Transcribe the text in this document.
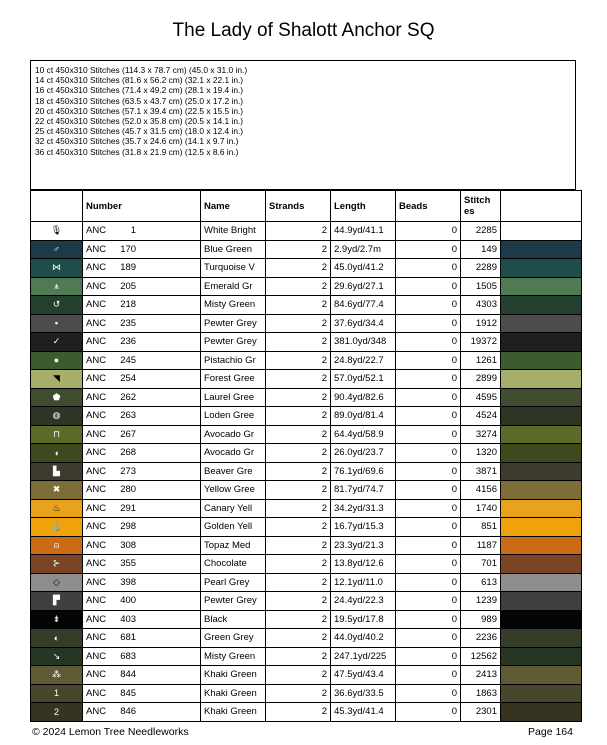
The Lady of Shalott Anchor SQ
10 ct 450x310 Stitches (114.3 x 78.7 cm) (45.0 x 31.0 in.)
14 ct 450x310 Stitches (81.6 x 56.2 cm) (32.1 x 22.1 in.)
16 ct 450x310 Stitches (71.4 x 49.2 cm) (28.1 x 19.4 in.)
18 ct 450x310 Stitches (63.5 x 43.7 cm) (25.0 x 17.2 in.)
20 ct 450x310 Stitches (57.1 x 39.4 cm) (22.5 x 15.5 in.)
22 ct 450x310 Stitches (52.0 x 35.8 cm) (20.5 x 14.1 in.)
25 ct 450x310 Stitches (45.7 x 31.5 cm) (18.0 x 12.4 in.)
32 ct 450x310 Stitches (35.7 x 24.6 cm) (14.1 x 9.7 in.)
36 ct 450x310 Stitches (31.8 x 21.9 cm) (12.5 x 8.6 in.)
	Number	Name	Strands	Length	Beads	Stitch es	
🎙	ANC 1	White Bright	2	44.9yd/41.1	0	2285	
♂	ANC 170	Blue Green	2	2.9yd/2.7m	0	149	
⋈	ANC 189	Turquoise V	2	45.0yd/41.2	0	2289	
⩚	ANC 205	Emerald Gr	2	29.6yd/27.1	0	1505	
↺	ANC 218	Misty Green	2	84.6yd/77.4	0	4303	
▪	ANC 235	Pewter Grey	2	37.6yd/34.4	0	1912	
✓	ANC 236	Pewter Grey	2	381.0yd/348	0	19372	
●	ANC 245	Pistachio Gr	2	24.8yd/22.7	0	1261	
◥	ANC 254	Forest Gree	2	57.0yd/52.1	0	2899	
⬟	ANC 262	Laurel Gree	2	90.4yd/82.6	0	4595	
◍	ANC 263	Loden Gree	2	89.0yd/81.4	0	4524	
⊓	ANC 267	Avocado Gr	2	64.4yd/58.9	0	3274	
◖	ANC 268	Avocado Gr	2	26.0yd/23.7	0	1320	
▙	ANC 273	Beaver Gre	2	76.1yd/69.6	0	3871	
✖	ANC 280	Yellow Gree	2	81.7yd/74.7	0	4156	
♨	ANC 291	Canary Yell	2	34.2yd/31.3	0	1740	
⚓	ANC 298	Golden Yell	2	16.7yd/15.3	0	851	
⍝	ANC 308	Topaz Med	2	23.3yd/21.3	0	1187	
⊱	ANC 355	Chocolate	2	13.8yd/12.6	0	701	
◇	ANC 398	Pearl Grey	2	12.1yd/11.0	0	613	
▛	ANC 400	Pewter Grey	2	24.4yd/22.3	0	1239	
⇟	ANC 403	Black	2	19.5yd/17.8	0	989	
◐	ANC 681	Green Grey	2	44.0yd/40.2	0	2236	
↘	ANC 683	Misty Green	2	247.1yd/225	0	12562	
⁂	ANC 844	Khaki Green	2	47.5yd/43.4	0	2413	
1	ANC 845	Khaki Green	2	36.6yd/33.5	0	1863	
2	ANC 846	Khaki Green	2	45.3yd/41.4	0	2301	
© 2024 Lemon Tree Needleworks	Page 164
